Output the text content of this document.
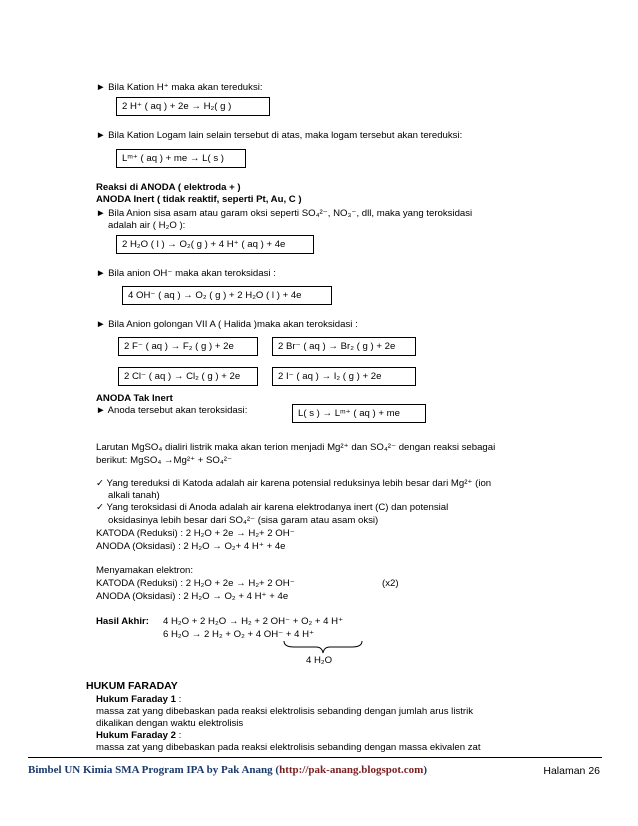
► Bila Kation H⁺ maka akan tereduksi:
2 H⁺ ( aq ) + 2e → H₂( g )
► Bila Kation Logam lain selain tersebut di atas, maka logam tersebut akan tereduksi:
Lᵐ⁺ ( aq ) + me → L( s )
Reaksi di ANODA ( elektroda + )
ANODA Inert ( tidak reaktif, seperti Pt, Au, C )
► Bila Anion sisa asam atau garam oksi seperti SO₄²⁻, NO₃⁻, dll, maka yang teroksidasi
adalah air ( H₂O ):
2 H₂O ( l ) → O₂( g ) + 4 H⁺ ( aq ) + 4e
► Bila anion OH⁻ maka akan teroksidasi :
4 OH⁻ ( aq ) → O₂ ( g ) + 2 H₂O ( l ) + 4e
► Bila Anion golongan VII A ( Halida )maka akan teroksidasi :
2 F⁻ ( aq ) → F₂ ( g ) + 2e	2 Br⁻ ( aq ) → Br₂ ( g ) + 2e
2 Cl⁻ ( aq ) → Cl₂ ( g ) + 2e	2 I⁻ ( aq ) → I₂ ( g ) + 2e
ANODA Tak Inert
► Anoda tersebut akan teroksidasi:	L( s ) → Lᵐ⁺ ( aq ) + me
Larutan MgSO₄ dialiri listrik maka akan terion menjadi Mg²⁺ dan SO₄²⁻ dengan reaksi sebagai
berikut: MgSO₄ →Mg²⁺ + SO₄²⁻
✓ Yang tereduksi di Katoda adalah air karena potensial reduksinya lebih besar dari Mg²⁺ (ion
alkali tanah)
✓ Yang teroksidasi di Anoda adalah air karena elektrodanya inert (C) dan potensial
oksidasinya lebih besar dari SO₄²⁻ (sisa garam atau asam oksi)
KATODA (Reduksi) : 2 H₂O + 2e → H₂+ 2 OH⁻
ANODA (Oksidasi) : 2 H₂O → O₂+ 4 H⁺ + 4e
Menyamakan elektron:
KATODA (Reduksi) : 2 H₂O + 2e → H₂+ 2 OH⁻	(x2)
ANODA (Oksidasi) : 2 H₂O → O₂ + 4 H⁺ + 4e
Hasil Akhir: 4 H₂O + 2 H₂O → H₂ + 2 OH⁻ + O₂ + 4 H⁺
6 H₂O → 2 H₂ + O₂ + 4 OH⁻ + 4 H⁺
4 H₂O
HUKUM FARADAY
Hukum Faraday 1 :
massa zat yang dibebaskan pada reaksi elektrolisis sebanding dengan jumlah arus listrik
dikalikan dengan waktu elektrolisis
Hukum Faraday 2 :
massa zat yang dibebaskan pada reaksi elektrolisis sebanding dengan massa ekivalen zat
Bimbel UN Kimia SMA Program IPA by Pak Anang (http://pak-anang.blogspot.com)	Halaman 26
